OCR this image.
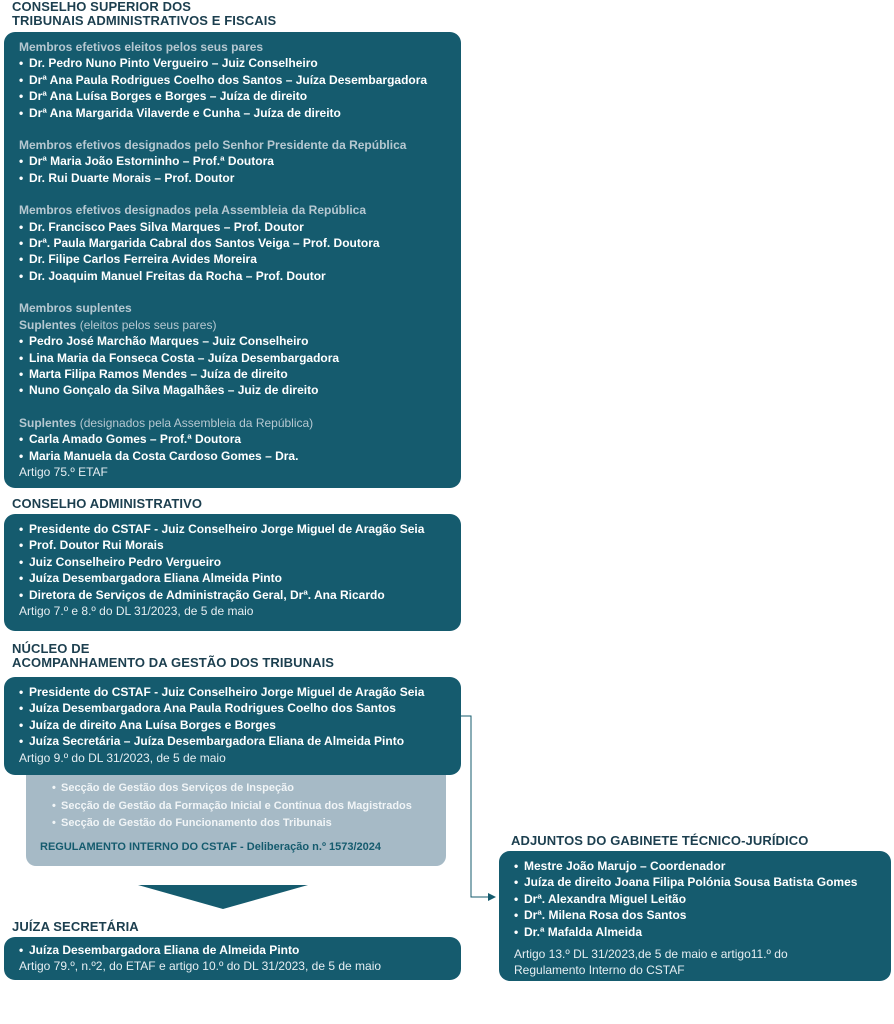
CONSELHO SUPERIOR DOS
TRIBUNAIS ADMINISTRATIVOS E FISCAIS
Membros efetivos eleitos pelos seus pares
• Dr. Pedro Nuno Pinto Vergueiro – Juiz Conselheiro
• Drª Ana Paula Rodrigues Coelho dos Santos – Juíza Desembargadora
• Drª Ana Luísa Borges e Borges – Juíza de direito
• Drª Ana Margarida Vilaverde e Cunha – Juíza de direito
Membros efetivos designados pelo Senhor Presidente da República
• Drª Maria João Estorninho – Prof.ª Doutora
• Dr. Rui Duarte Morais – Prof. Doutor
Membros efetivos designados pela Assembleia da República
• Dr. Francisco Paes Silva Marques – Prof. Doutor
• Drª. Paula Margarida Cabral dos Santos Veiga – Prof. Doutora
• Dr. Filipe Carlos Ferreira Avides Moreira
• Dr. Joaquim Manuel Freitas da Rocha – Prof. Doutor
Membros suplentes
Suplentes (eleitos pelos seus pares)
• Pedro José Marchão Marques – Juiz Conselheiro
• Lina Maria da Fonseca Costa – Juíza Desembargadora
• Marta Filipa Ramos Mendes – Juíza de direito
• Nuno Gonçalo da Silva Magalhães – Juiz de direito
Suplentes (designados pela Assembleia da República)
• Carla Amado Gomes – Prof.ª Doutora
• Maria Manuela da Costa Cardoso Gomes – Dra.
Artigo 75.º ETAF
CONSELHO ADMINISTRATIVO
• Presidente do CSTAF - Juiz Conselheiro Jorge Miguel de Aragão Seia
• Prof. Doutor Rui Morais
• Juiz Conselheiro Pedro Vergueiro
• Juíza Desembargadora Eliana Almeida Pinto
• Diretora de Serviços de Administração Geral, Drª. Ana Ricardo
Artigo 7.º e 8.º do DL 31/2023, de 5 de maio
NÚCLEO DE
ACOMPANHAMENTO DA GESTÃO DOS TRIBUNAIS
• Secção de Gestão dos Serviços de Inspeção
• Secção de Gestão da Formação Inicial e Contínua dos Magistrados
• Secção de Gestão do Funcionamento dos Tribunais
REGULAMENTO INTERNO DO CSTAF - Deliberação n.º 1573/2024
• Presidente do CSTAF - Juiz Conselheiro Jorge Miguel de Aragão Seia
• Juíza Desembargadora Ana Paula Rodrigues Coelho dos Santos
• Juíza de direito Ana Luísa Borges e Borges
• Juíza Secretária – Juíza Desembargadora Eliana de Almeida Pinto
Artigo 9.º do DL 31/2023, de 5 de maio
JUÍZA SECRETÁRIA
• Juíza Desembargadora Eliana de Almeida Pinto
Artigo 79.º, n.º2, do ETAF e artigo 10.º do DL 31/2023, de 5 de maio
ADJUNTOS DO GABINETE TÉCNICO-JURÍDICO
• Mestre João Marujo – Coordenador
• Juíza de direito Joana Filipa Polónia Sousa Batista Gomes
• Drª. Alexandra Miguel Leitão
• Drª. Milena Rosa dos Santos
• Dr.ª Mafalda Almeida
Artigo 13.º DL 31/2023,de 5 de maio e artigo11.º do
Regulamento Interno do CSTAF
